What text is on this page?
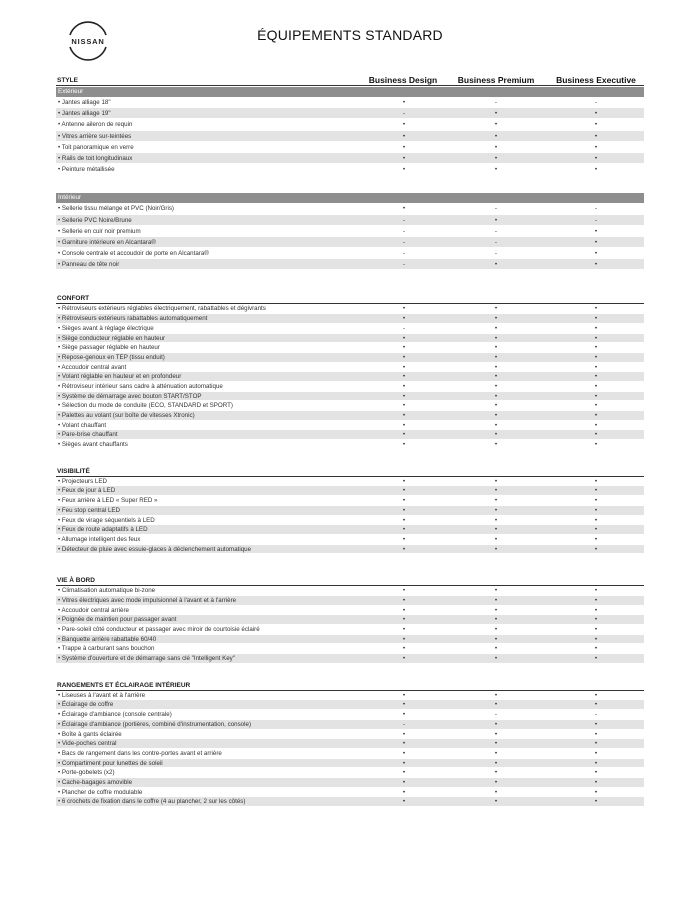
NISSAN	ÉQUIPEMENTS STANDARD
Business Design	Business Premium	Business Executive
STYLE
Extérieur
• Jantes alliage 18"	•	-	-
• Jantes alliage 19"	-	•	•
• Antenne aileron de requin	•	•	•
• Vitres arrière sur-teintées	•	•	•
• Toit panoramique en verre	•	•	•
• Rails de toit longitudinaux	•	•	•
• Peinture métallisée	•	•	•
Intérieur
• Sellerie tissu mélange et PVC (Noir/Gris)	•	-	-
• Sellerie PVC Noire/Brune	-	•	-
• Sellerie en cuir noir premium	-	-	•
• Garniture intérieure en Alcantara®	-	-	•
• Console centrale et accoudoir de porte en Alcantara®	-	-	•
• Panneau de tête noir	-	•	•
CONFORT
• Rétroviseurs extérieurs réglables électriquement, rabattables et dégivrants	•	•	•
• Rétroviseurs extérieurs rabattables automatiquement	•	•	•
• Sièges avant à réglage électrique	-	•	•
• Siège conducteur réglable en hauteur	•	•	•
• Siège passager réglable en hauteur	•	•	•
• Repose-genoux en TEP (tissu enduit)	•	•	•
• Accoudoir central avant	•	•	•
• Volant réglable en hauteur et en profondeur	•	•	•
• Rétroviseur intérieur sans cadre à atténuation automatique	•	•	•
• Système de démarrage avec bouton START/STOP	•	•	•
• Sélection du mode de conduite (ECO, STANDARD et SPORT)	•	•	•
• Palettes au volant (sur boîte de vitesses Xtronic)	•	•	•
• Volant chauffant	•	•	•
• Pare-brise chauffant	•	•	•
• Sièges avant chauffants	•	•	•
VISIBILITÉ
• Projecteurs LED	•	•	•
• Feux de jour à LED	•	•	•
• Feux arrière à LED « Super RED »	•	•	•
• Feu stop central LED	•	•	•
• Feux de virage séquentiels à LED	•	•	•
• Feux de route adaptatifs à LED	•	•	•
• Allumage intelligent des feux	•	•	•
• Détecteur de pluie avec essuie-glaces à déclenchement automatique	•	•	•
VIE À BORD
• Climatisation automatique bi-zone	•	•	•
• Vitres électriques avec mode impulsionnel à l'avant et à l'arrière	•	•	•
• Accoudoir central arrière	•	•	•
• Poignée de maintien pour passager avant	•	•	•
• Pare-soleil côté conducteur et passager avec miroir de courtoisie éclairé	•	•	•
• Banquette arrière rabattable 60/40	•	•	•
• Trappe à carburant sans bouchon	•	•	•
• Système d'ouverture et de démarrage sans clé "Intelligent Key"	•	•	•
RANGEMENTS ET ÉCLAIRAGE INTÉRIEUR
• Liseuses à l'avant et à l'arrière	•	•	•
• Éclairage de coffre	•	•	•
• Éclairage d'ambiance (console centrale)	•	-	-
• Éclairage d'ambiance (portières, combiné d'instrumentation, console)	-	•	•
• Boîte à gants éclairée	•	•	•
• Vide-poches central	•	•	•
• Bacs de rangement dans les contre-portes avant et arrière	•	•	•
• Compartiment pour lunettes de soleil	•	•	•
• Porte-gobelets (x2)	•	•	•
• Cache-bagages amovible	•	•	•
• Plancher de coffre modulable	•	•	•
• 6 crochets de fixation dans le coffre (4 au plancher, 2 sur les côtés)	•	•	•
